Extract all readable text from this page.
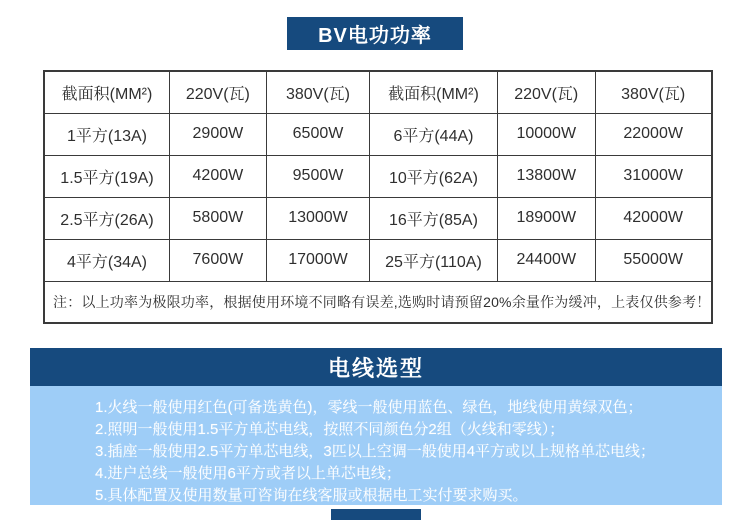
BV电功功率
截面积(MM²)	220V(瓦)	380V(瓦)	截面积(MM²)	220V(瓦)	380V(瓦)
1平方(13A)	2900W	6500W	6平方(44A)	10000W	22000W
1.5平方(19A)	4200W	9500W	10平方(62A)	13800W	31000W
2.5平方(26A)	5800W	13000W	16平方(85A)	18900W	42000W
4平方(34A)	7600W	17000W	25平方(110A)	24400W	55000W
注：以上功率为极限功率，根据使用环境不同略有误差,选购时请预留20%余量作为缓冲，上表仅供参考！					
电线选型
1.火线一般使用红色(可备选黄色)，零线一般使用蓝色、绿色，地线使用黄绿双色；
2.照明一般使用1.5平方单芯电线，按照不同颜色分2组（火线和零线）；
3.插座一般使用2.5平方单芯电线，3匹以上空调一般使用4平方或以上规格单芯电线；
4.进户总线一般使用6平方或者以上单芯电线；
5.具体配置及使用数量可咨询在线客服或根据电工实付要求购买。
